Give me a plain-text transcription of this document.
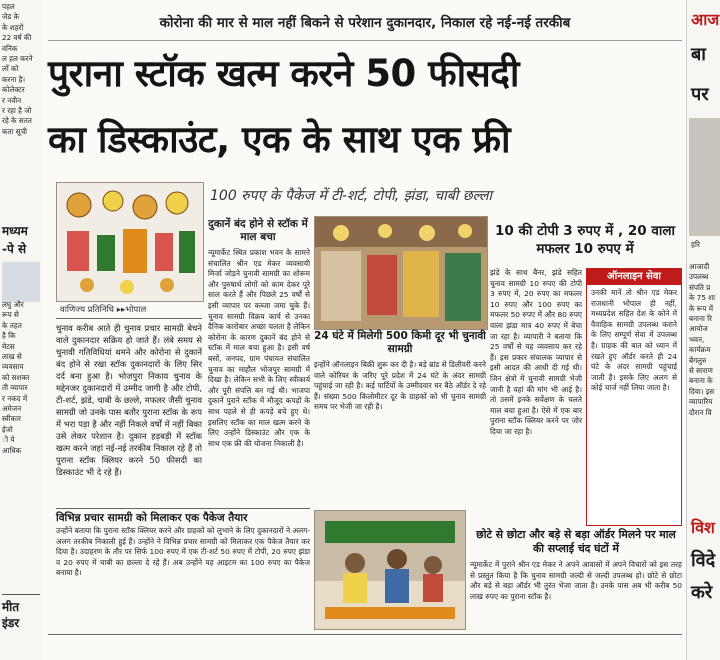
पहल
जेड के
के शहरों
22 वर्ष की
वनिक
ल हल करने
लों को
करना है।
कोलेक्टर
र नवीन
र रहा है जो
रहे के सतत
कता सूची
मध्यम
-पे से
लघु और
रूप से
के तहत
है कि
मेटस
लाख से
व्यवसाय
को सशक्त
ती व्यापार
र नकद में
अमेजन
स्वीकार
ईजो
ी ये
आधिक
मीत
इंडर
आज
बा
पर
हरि
आजादी
उपलब्ध
संपति प्र
के 75 शा
के रूप में
बनाना रि
आयोज
भवन,
कार्यक्रम
बेंगलुरु
से साराण
बनाना के
दिया। इस
व्यापारिय
दौरान वि
विश
विदे
करे
कोरोना की मार से माल नहीं बिकने से परेशान दुकानदार, निकाल रहे नई-नई तरकीब
पुराना स्टॉक खत्म करने 50 फीसदी
का डिस्काउंट, एक के साथ एक फ्री
100 रुपए के पैकेज में टी-शर्ट, टोपी, झंडा, चाबी छल्ला
वाणिज्य प्रतिनिधि ▸▸भोपाल
चुनाव करीब आते ही चुनाव प्रचार सामग्री बेचने वाले दुकानदार सक्रिय हो जाते हैं। लंबे समय से चुनावी गतिविधियां थमने और कोरोना से दुकानें बंद होने से रखा स्टॉक दुकानदारों के लिए सिर दर्द बना हुआ है। भोजपुरा निकाय चुनाव के मद्देनजर दुकानदारों में उम्मीद जागी है और टोपी, टी-शर्ट, झंडे, चाबी के छल्ले, मफलर जैसी चुनाव सामग्री जो उनके पास बतौर पुराना स्टॉक के रूप में भरा पड़ा है और नहीं निकले वर्षों में नहीं बिका उसे लेकर परेशान है। दुकान हड़बड़ी में स्टॉक खत्म करने जहां नई-नई तरकीब निकाल रहे हैं तो पुराना स्टॉक क्लियर करने 50 फीसदी का डिस्काउंट भी दे रहे हैं।
दुकानें बंद होने से स्टॉक में माल बचा
न्यूमार्केट स्थित प्रकाश भवन के सामने संचालित श्रीन एड मेकर व्यवसायी मिर्जा जोड़ने चुनावी सामग्री का शोरूम और पुरुषार्थ लोगों को काम देकर पूरे साल करते हैं और पिछले 25 वर्षों से इसी व्यापार पर कब्जा जमा चुके हैं। चुनाव सामग्री विक्रय कार्य से उनका दैनिक कारोबार अच्छा चलता है लेकिन कोरोना के कारण दुकानें बंद होने से स्टॉक में माल बचा हुआ है। इसी वर्ष बसों, जनपद, ग्राम पंचायत संचालित चुनाव का माहौल भोजपुर सामग्री में दिखा है। लेकिन सभी के लिए स्वीकार्य और पूरी संपत्ति बन गई थी। भाजपा दुकानें पुराने स्टॉक में मौजूद कपड़ों के साथ पहले से ही कपड़े बचे हुए थे। इसलिए स्टॉक का माल खत्म करने के लिए उन्होंने डिस्काउंट और एक के साथ एक फ्री की योजना निकाली है।
24 घंटे में मिलेगी 500 किमी दूर भी चुनावी सामग्री
इन्होंने ऑनलाइन बिक्री शुरू कर दी है। बड़े ब्रांड से डिलीवरी करने वाले कोरियर के जरिए पूरे प्रदेश में 24 घंटे के अंदर सामग्री पहुंचाई जा रही है। कई पार्टियों के उम्मीदवार घर बैठे ऑर्डर दे रहे हैं। संख्या 500 किलोमीटर दूर के ग्राहकों को भी चुनाव सामग्री समय पर भेजी जा रही है।
10 की टोपी 3 रुपए में , 20 वाला मफलर 10 रुपए में
झंडे के साथ बैनर, झंडे सहित चुनाव सामग्री 10 रुपए की टोपी 3 रुपए में, 20 रुपए का मफलर 10 रुपए और 100 रुपए का मफलर 50 रुपए में और 80 रुपए वाला झंडा मात्र 40 रुपए में बेचा जा रहा है। व्यापारी ने बताया कि 25 वर्षों से यह व्यवसाय कर रहे हैं। इस प्रकार संचालक व्यापार से इसी आदत की आधी दी गई थी। जिन क्षेत्रों में चुनावी सामग्री भेजी जानी है वहां की मांग भी आई है। तो उसमें इनके सर्वेक्षण के चलते माल बचा हुआ है। ऐसे में एक बार पुराना स्टॉक क्लियर करने पर जोर दिया जा रहा है।
ऑनलाइन सेवा
उनकी मानें तो श्रीन एड मेकर राजधानी भोपाल ही नहीं, मध्यप्रदेश सहित देश के कोने में वैवाहिक सामग्री उपलब्ध कराने के लिए सम्पूर्ण सेवा में उपलब्ध है। ग्राहक की बात को ध्यान में रखते हुए ऑर्डर करते ही 24 घंटे के अंदर सामग्री पहुंचाई जाती है। इसके लिए अलग से कोई चार्ज नहीं लिया जाता है।
विभिन्न प्रचार सामग्री को मिलाकर एक पैकेज तैयार
उन्होंने बताया कि पुराना स्टॉक क्लियर करने और ग्राहकों को लुभाने के लिए दुकानदारों ने अलग-अलग तरकीब निकाली हुई हैं। उन्होंने ने विभिन्न प्रचार सामग्री को मिलाकर एक पैकेज तैयार कर दिया है। उदाहरण के तौर पर सिर्फ 100 रुपए में एक टी-शर्ट 50 रुपए में टोपी, 20 रुपए झंडा व 20 रुपए में चाबी का छल्ला दे रहे हैं। अब उन्होंने यह आइटम का 100 रुपए का पैकेज बनाया है।
छोटे से छोटा और बड़े से बड़ा ऑर्डर मिलने पर माल की सप्लाई चंद घंटों में
न्यूमार्केट में पुराने श्रीन एड मेकर ने अपने आवासों में अपने विचारों को इस तरह से प्रस्तुत किया है कि चुनाव सामग्री जल्दी से जल्दी उपलब्ध हो। छोटे से छोटा और बड़े से बड़ा ऑर्डर भी तुरंत भेजा जाता है। उनके पास अब भी करीब 50 लाख रुपए का पुराना स्टॉक है।
